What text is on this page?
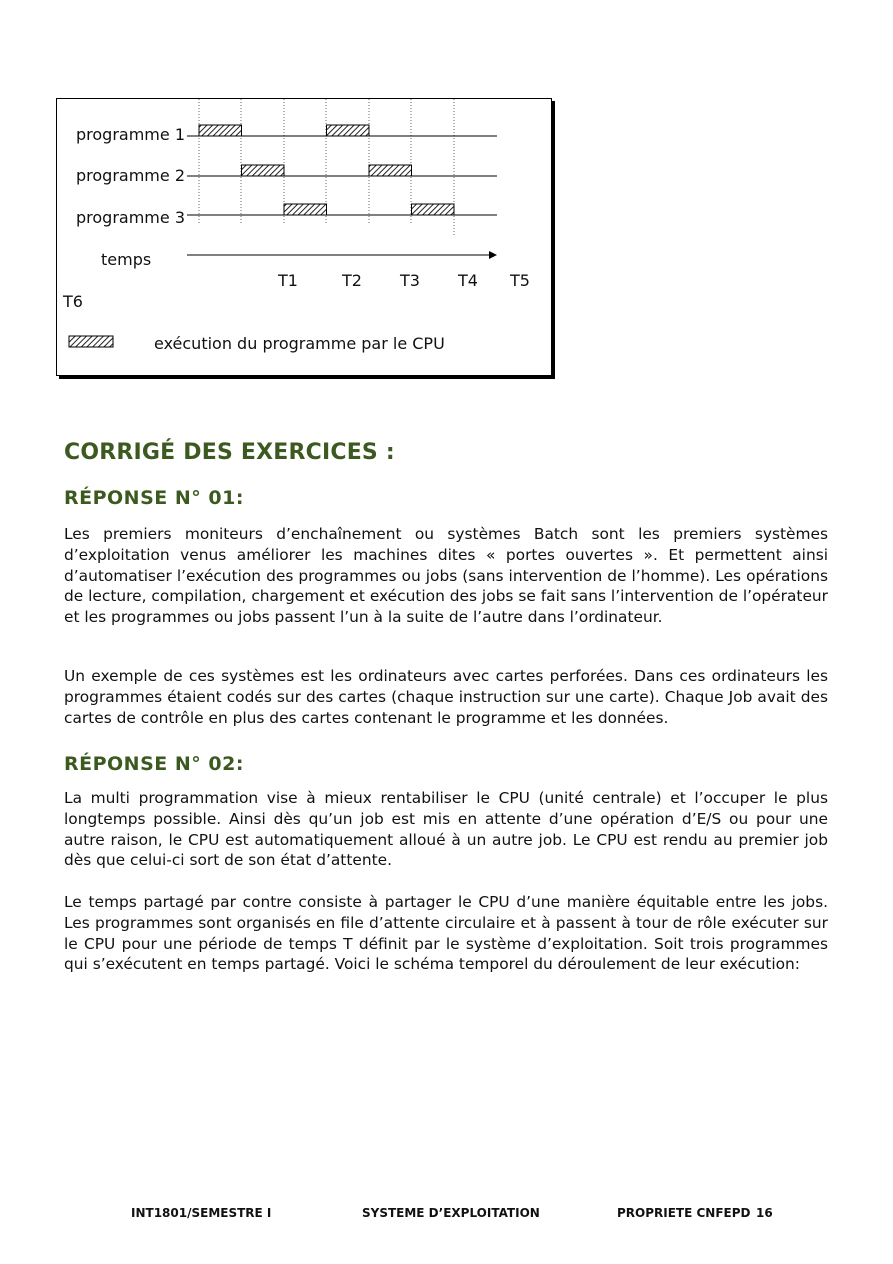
programme 1
programme 2
programme 3
temps
T1	T2 T3 T4 T5
T6
exécution du programme par le CPU
CORRIGÉ DES EXERCICES :
RÉPONSE N° 01:

Les premiers moniteurs d’enchaînement ou systèmes Batch sont les premiers systèmes d’exploitation venus améliorer les machines dites « portes ouvertes ». Et permettent ainsi d’automatiser l’exécution des programmes ou jobs (sans intervention de l’homme). Les opérations de lecture, compilation, chargement et exécution des jobs se fait sans l’intervention de l’opérateur et les programmes ou jobs passent l’un à la suite de l’autre dans l’ordinateur.

Un exemple de ces systèmes est les ordinateurs avec cartes perforées. Dans ces ordinateurs les programmes étaient codés sur des cartes (chaque instruction sur une carte). Chaque Job avait des cartes de contrôle en plus des cartes contenant le programme et les données.

RÉPONSE N° 02:

La multi programmation vise à mieux rentabiliser le CPU (unité centrale) et l’occuper le plus longtemps possible. Ainsi dès qu’un job est mis en attente d’une opération d’E/S ou pour une autre raison, le CPU est automatiquement alloué à un autre job. Le CPU est rendu au premier job dès que celui-ci sort de son état d’attente.

Le temps partagé par contre consiste à partager le CPU d’une manière équitable entre les jobs. Les programmes sont organisés en file d’attente circulaire et à passent à tour de rôle exécuter sur le CPU pour une période de temps T définit par le système d’exploitation. Soit trois programmes qui s’exécutent en temps partagé. Voici le schéma temporel du déroulement de leur exécution:

INT1801/SEMESTRE I	SYSTEME D’EXPLOITATION	PROPRIETE CNFEPD 16
